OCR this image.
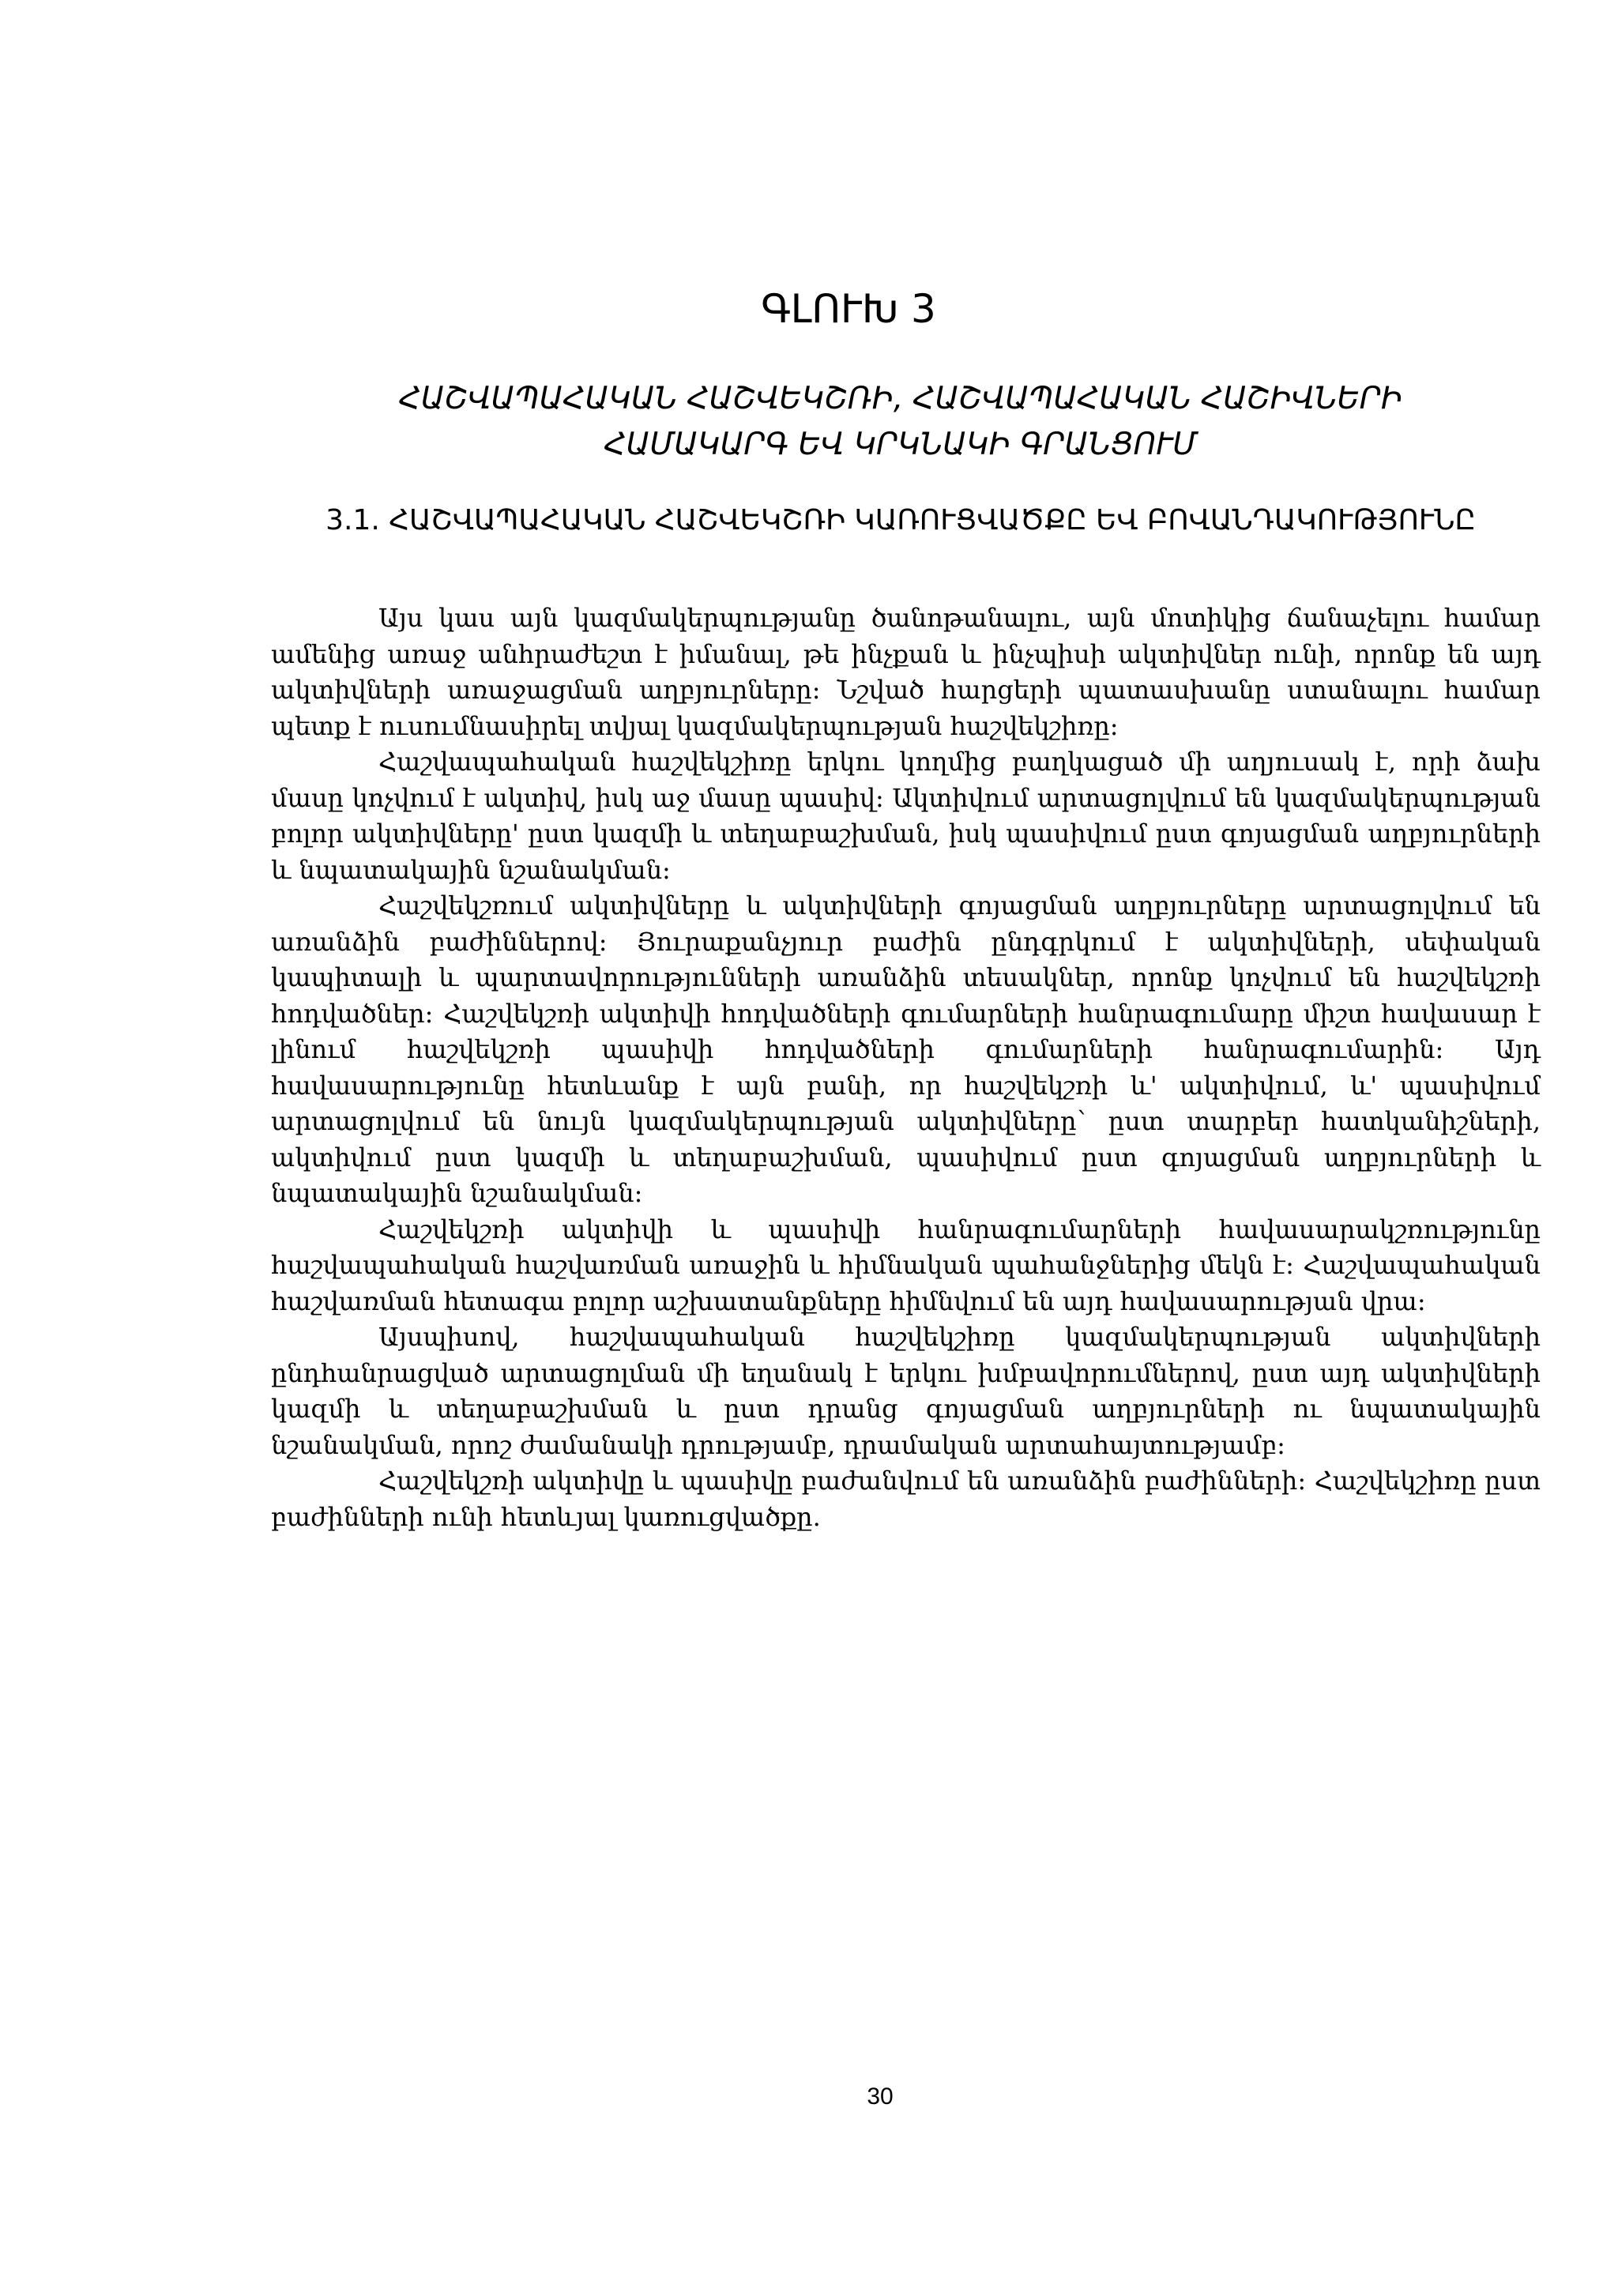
ԳԼՈՒԽ 3
ՀԱՇՎԱՊԱՀԱԿԱՆ ՀԱՇՎԵԿՇՌԻ, ՀԱՇՎԱՊԱՀԱԿԱՆ ՀԱՇԻՎՆԵՐԻ
ՀԱՄԱԿԱՐԳ ԵՎ ԿՐԿՆԱԿԻ ԳՐԱՆՑՈՒՄ
3.1. ՀԱՇՎԱՊԱՀԱԿԱՆ ՀԱՇՎԵԿՇՌԻ ԿԱՌՈՒՑՎԱԾՔԸ ԵՎ ԲՈՎԱՆԴԱԿՈՒԹՅՈՒՆԸ

Այս կաս այն կազմակերպությանը ծանոթանալու, այն մոտիկից ճանաչելու համար ամենից առաջ անհրաժեշտ է իմանալ, թե ինչքան և ինչպիսի ակտիվներ ունի, որոնք են այդ ակտիվների առաջացման աղբյուրները: Նշված հարցերի պատասխանը ստանալու համար պետք է ուսումնասիրել տվյալ կազմակերպության հաշվեկշիռը:

Հաշվապահական հաշվեկշիռը երկու կողմից բաղկացած մի աղյուսակ է, որի ձախ մասը կոչվում է ակտիվ, իսկ աջ մասը պասիվ: Ակտիվում արտացոլվում են կազմակերպության բոլոր ակտիվները' ըստ կազմի և տեղաբաշխման, իսկ պասիվում ըստ գոյացման աղբյուրների և նպատակային նշանակման:

Հաշվեկշռում ակտիվները և ակտիվների գոյացման աղբյուրները արտացոլվում են առանձին բաժիններով: Յուրաքանչյուր բաժին ընդգրկում է ակտիվների, սեփական կապիտալի և պարտավորությունների առանձին տեսակներ, որոնք կոչվում են հաշվեկշռի հոդվածներ: Հաշվեկշռի ակտիվի հոդվածների գումարների հանրագումարը միշտ հավասար է լինում հաշվեկշռի պասիվի հոդվածների գումարների հանրագումարին: Այդ հավասարությունը հետևանք է այն բանի, որ հաշվեկշռի և' ակտիվում, և' պասիվում արտացոլվում են նույն կազմակերպության ակտիվները՝ ըստ տարբեր հատկանիշների, ակտիվում ըստ կազմի և տեղաբաշխման, պասիվում ըստ գոյացման աղբյուրների և նպատակային նշանակման:

Հաշվեկշռի ակտիվի և պասիվի հանրագումարների հավասարակշռությունը հաշվապահական հաշվառման առաջին և հիմնական պահանջներից մեկն է: Հաշվապահական հաշվառման հետագա բոլոր աշխատանքները հիմնվում են այդ հավասարության վրա:

Այսպիսով, հաշվապահական հաշվեկշիռը կազմակերպության ակտիվների ընդհանրացված արտացոլման մի եղանակ է երկու խմբավորումներով, ըստ այդ ակտիվների կազմի և տեղաբաշխման և ըստ դրանց գոյացման աղբյուրների ու նպատակային նշանակման, որոշ ժամանակի դրությամբ, դրամական արտահայտությամբ:

Հաշվեկշռի ակտիվը և պասիվը բաժանվում են առանձին բաժինների: Հաշվեկշիռը ըստ բաժինների ունի հետևյալ կառուցվածքը.

30
